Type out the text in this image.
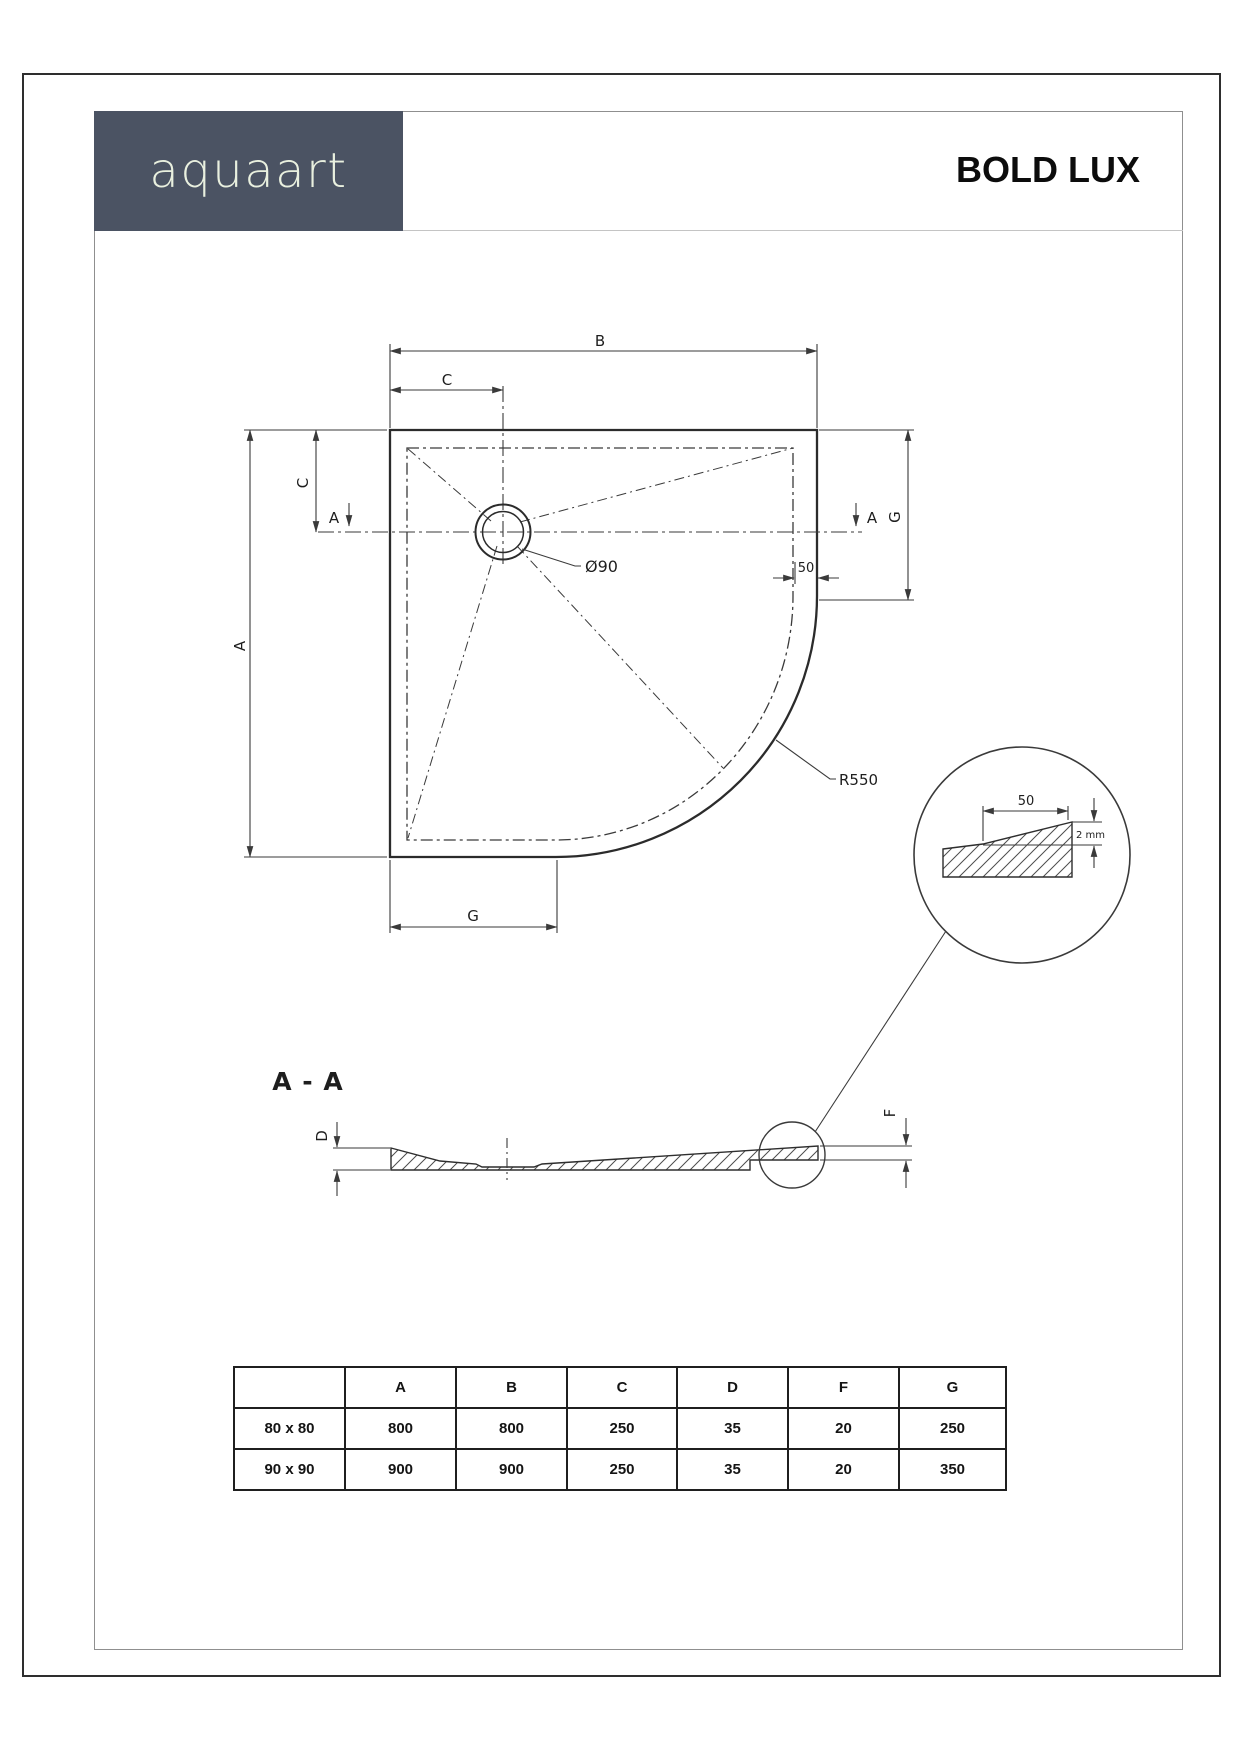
aquaart	BOLD LUX
B
C
A
C
A	A G
50
G
Ø90
R550
50
2 mm
A - A
D
F
	A	B	C	D	F	G
80 x 80	800	800	250	35	20	250
90 x 90	900	900	250	35	20	350
